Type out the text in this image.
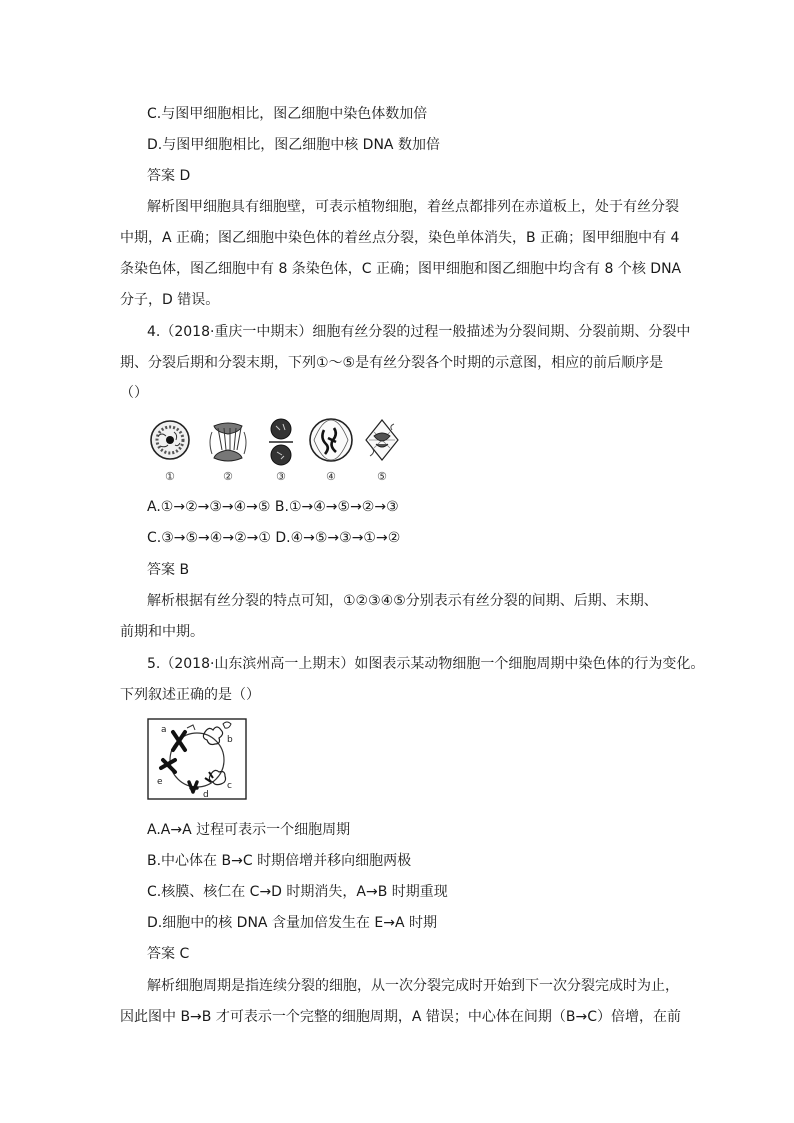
C.与图甲细胞相比，图乙细胞中染色体数加倍
D.与图甲细胞相比，图乙细胞中核 DNA 数加倍
答案 D
解析图甲细胞具有细胞壁，可表示植物细胞，着丝点都排列在赤道板上，处于有丝分裂
中期，A 正确；图乙细胞中染色体的着丝点分裂，染色单体消失，B 正确；图甲细胞中有 4
条染色体，图乙细胞中有 8 条染色体，C 正确；图甲细胞和图乙细胞中均含有 8 个核 DNA
分子，D 错误。
4.（2018·重庆一中期末）细胞有丝分裂的过程一般描述为分裂间期、分裂前期、分裂中
期、分裂后期和分裂末期，下列①～⑤是有丝分裂各个时期的示意图，相应的前后顺序是
（）
①	②	③	④	⑤
A.①→②→③→④→⑤ B.①→④→⑤→②→③
C.③→⑤→④→②→① D.④→⑤→③→①→②
答案 B
解析根据有丝分裂的特点可知，①②③④⑤分别表示有丝分裂的间期、后期、末期、
前期和中期。
5.（2018·山东滨州高一上期末）如图表示某动物细胞一个细胞周期中染色体的行为变化。
下列叙述正确的是（）
a
b
c
d
e
A.A→A 过程可表示一个细胞周期
B.中心体在 B→C 时期倍增并移向细胞两极
C.核膜、核仁在 C→D 时期消失，A→B 时期重现
D.细胞中的核 DNA 含量加倍发生在 E→A 时期
答案 C
解析细胞周期是指连续分裂的细胞，从一次分裂完成时开始到下一次分裂完成时为止，
因此图中 B→B 才可表示一个完整的细胞周期，A 错误；中心体在间期（B→C）倍增，在前
